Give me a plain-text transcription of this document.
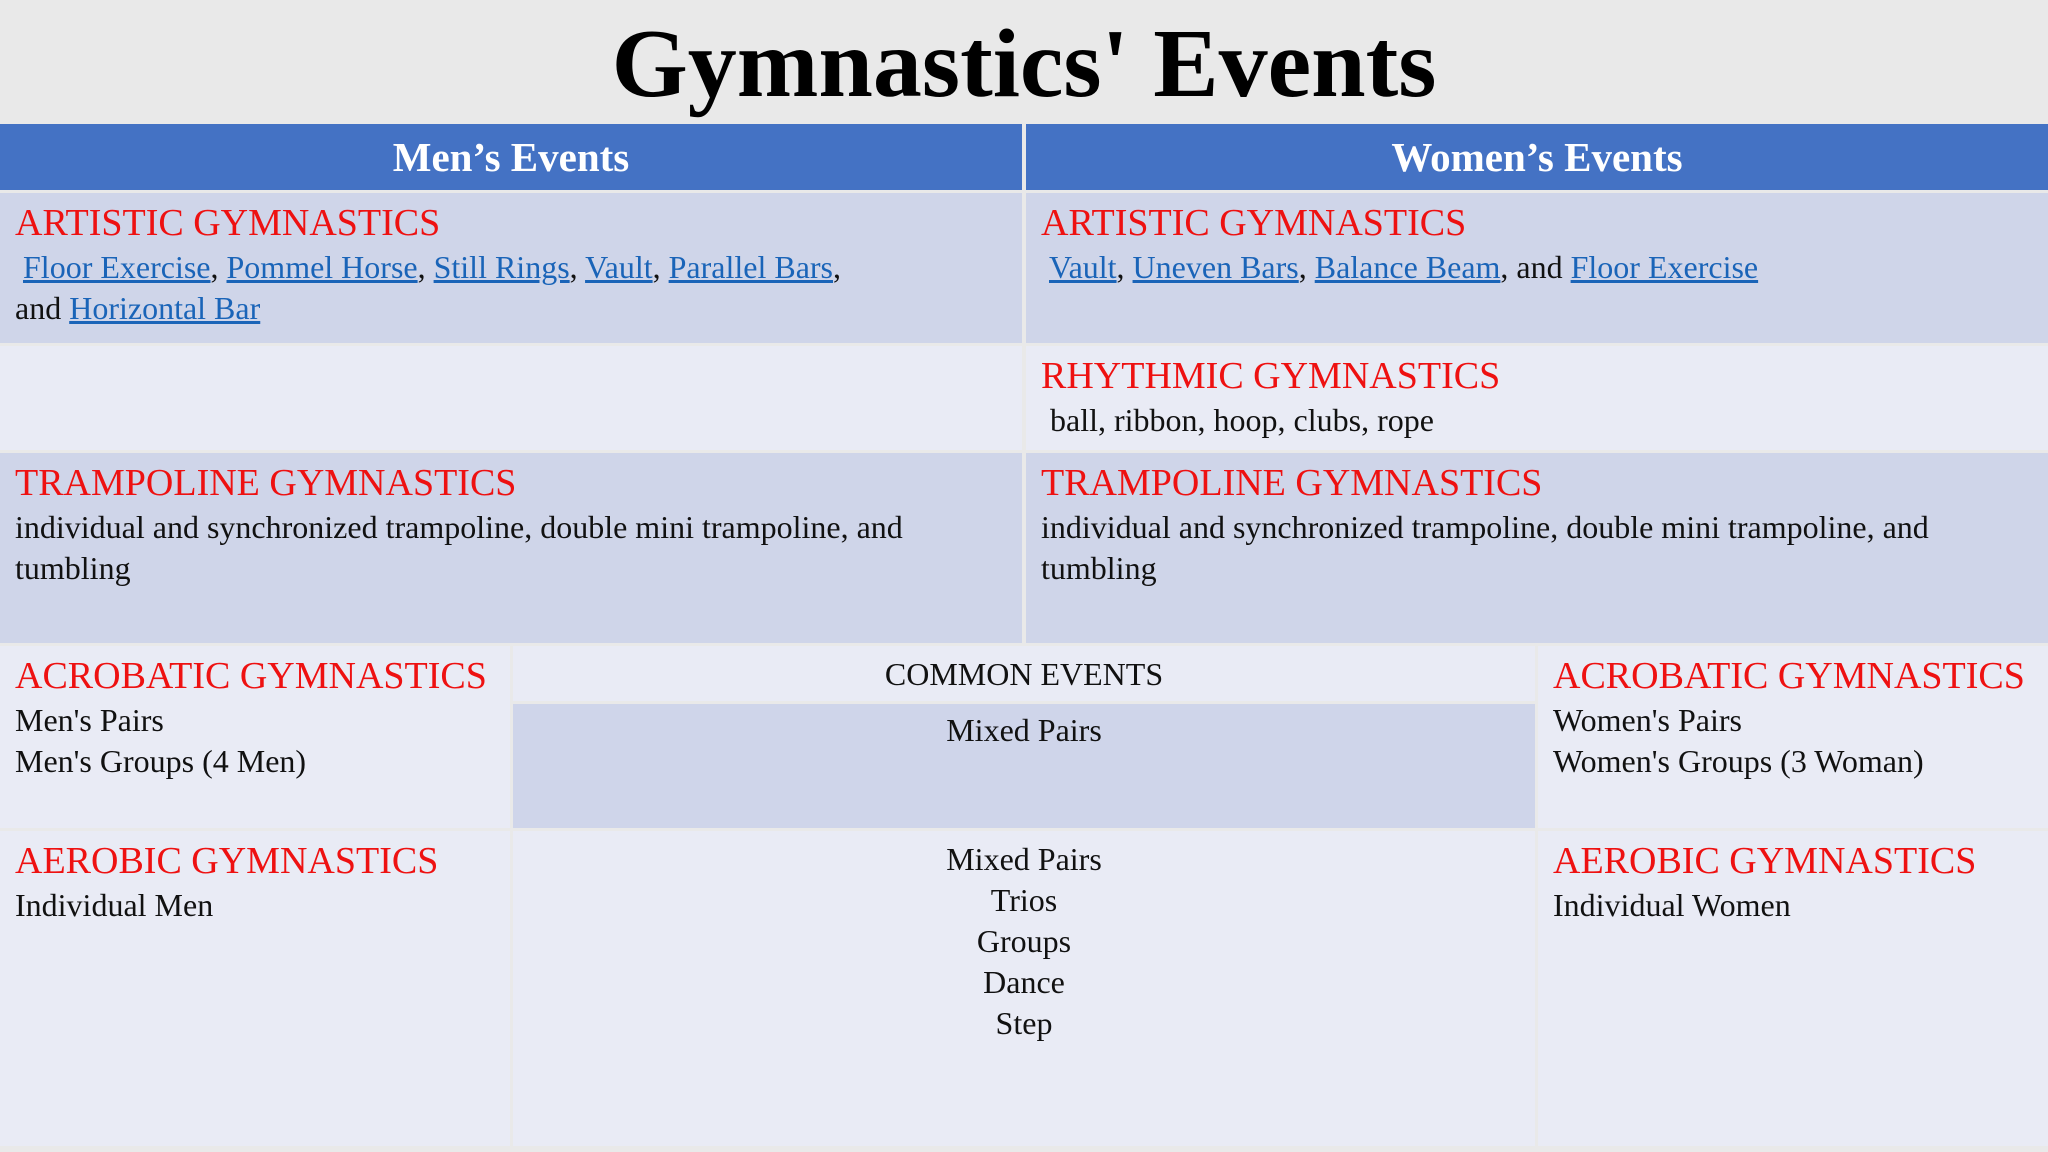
Gymnastics' Events
Men’s Events	Women’s Events
ARTISTIC GYMNASTICS
Floor Exercise, Pommel Horse, Still Rings, Vault, Parallel Bars,
and Horizontal Bar
ARTISTIC GYMNASTICS
Vault, Uneven Bars, Balance Beam, and Floor Exercise
RHYTHMIC GYMNASTICS
ball, ribbon, hoop, clubs, rope
TRAMPOLINE GYMNASTICS
individual and synchronized trampoline, double mini trampoline, and tumbling
TRAMPOLINE GYMNASTICS
individual and synchronized trampoline, double mini trampoline, and tumbling
ACROBATIC GYMNASTICS
Men's Pairs
Men's Groups (4 Men)
COMMON EVENTS
Mixed Pairs
ACROBATIC GYMNASTICS
Women's Pairs
Women's Groups (3 Woman)
AEROBIC GYMNASTICS
Individual Men
Mixed Pairs
Trios
Groups
Dance
Step
AEROBIC GYMNASTICS
Individual Women
